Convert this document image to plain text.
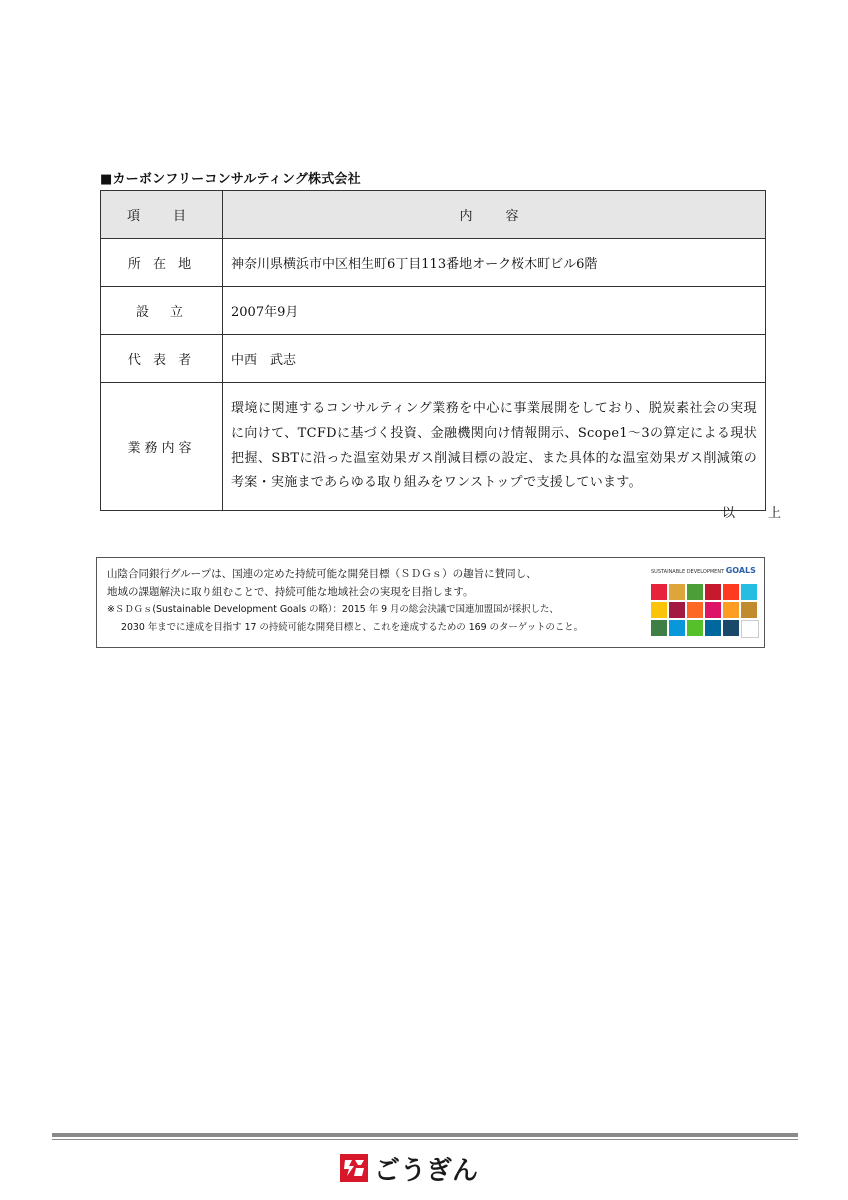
■カーボンフリーコンサルティング株式会社
項　目	内　容
所 在 地	神奈川県横浜市中区相生町6丁目113番地オーク桜木町ビル6階
設　立	2007年9月
代 表 者	中西　武志
業務内容	環境に関連するコンサルティング業務を中心に事業展開をしており、脱炭素社会の実現に向けて、TCFDに基づく投資、金融機関向け情報開示、Scope1～3の算定による現状把握、SBTに沿った温室効果ガス削減目標の設定、また具体的な温室効果ガス削減策の考案・実施まであらゆる取り組みをワンストップで支援しています。
以　上
山陰合同銀行グループは、国連の定めた持続可能な開発目標（ＳＤＧｓ）の趣旨に賛同し、
地域の課題解決に取り組むことで、持続可能な地域社会の実現を目指します。
※ＳＤＧｓ(Sustainable Development Goals の略）：2015 年 9 月の総会決議で国連加盟国が採択した、
2030 年までに達成を目指す 17 の持続可能な開発目標と、これを達成するための 169 のターゲットのこと。
SUSTAINABLE DEVELOPMENT GOALS
ごうぎん
